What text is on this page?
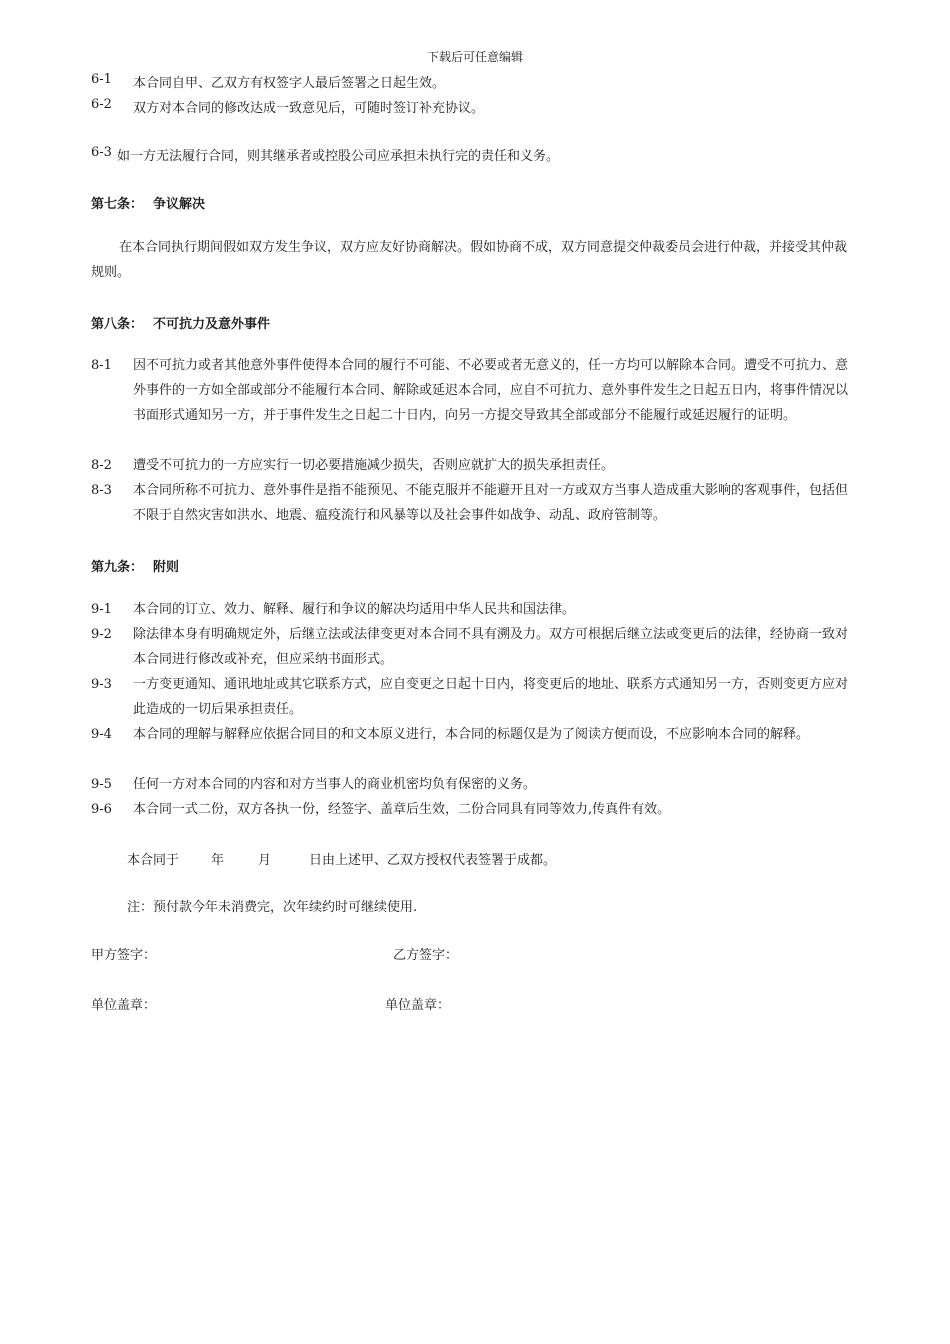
下载后可任意编辑
6-1 本合同自甲、乙双方有权签字人最后签署之日起生效。
6-2 双方对本合同的修改达成一致意见后，可随时签订补充协议。
6-3 如一方无法履行合同，则其继承者或控股公司应承担未执行完的责任和义务。
第七条： 争议解决
在本合同执行期间假如双方发生争议，双方应友好协商解决。假如协商不成，双方同意提交仲裁委员会进行仲裁，并接受其仲裁规则。
第八条： 不可抗力及意外事件
8-1 因不可抗力或者其他意外事件使得本合同的履行不可能、不必要或者无意义的，任一方均可以解除本合同。遭受不可抗力、意外事件的一方如全部或部分不能履行本合同、解除或延迟本合同，应自不可抗力、意外事件发生之日起五日内，将事件情况以书面形式通知另一方，并于事件发生之日起二十日内，向另一方提交导致其全部或部分不能履行或延迟履行的证明。
8-2 遭受不可抗力的一方应实行一切必要措施减少损失，否则应就扩大的损失承担责任。
8-3 本合同所称不可抗力、意外事件是指不能预见、不能克服并不能避开且对一方或双方当事人造成重大影响的客观事件，包括但不限于自然灾害如洪水、地震、瘟疫流行和风暴等以及社会事件如战争、动乱、政府管制等。
第九条： 附则
9-1 本合同的订立、效力、解释、履行和争议的解决均适用中华人民共和国法律。
9-2 除法律本身有明确规定外，后继立法或法律变更对本合同不具有溯及力。双方可根据后继立法或变更后的法律，经协商一致对本合同进行修改或补充，但应采纳书面形式。
9-3 一方变更通知、通讯地址或其它联系方式，应自变更之日起十日内，将变更后的地址、联系方式通知另一方，否则变更方应对此造成的一切后果承担责任。
9-4 本合同的理解与解释应依据合同目的和文本原义进行，本合同的标题仅是为了阅读方便而设，不应影响本合同的解释。
9-5 任何一方对本合同的内容和对方当事人的商业机密均负有保密的义务。
9-6 本合同一式二份，双方各执一份，经签字、盖章后生效，二份合同具有同等效力,传真件有效。
本合同于 年	月	日由上述甲、乙双方授权代表签署于成都。
注：预付款今年未消费完，次年续约时可继续使用.
甲方签字：	乙方签字：
单位盖章：	单位盖章：
